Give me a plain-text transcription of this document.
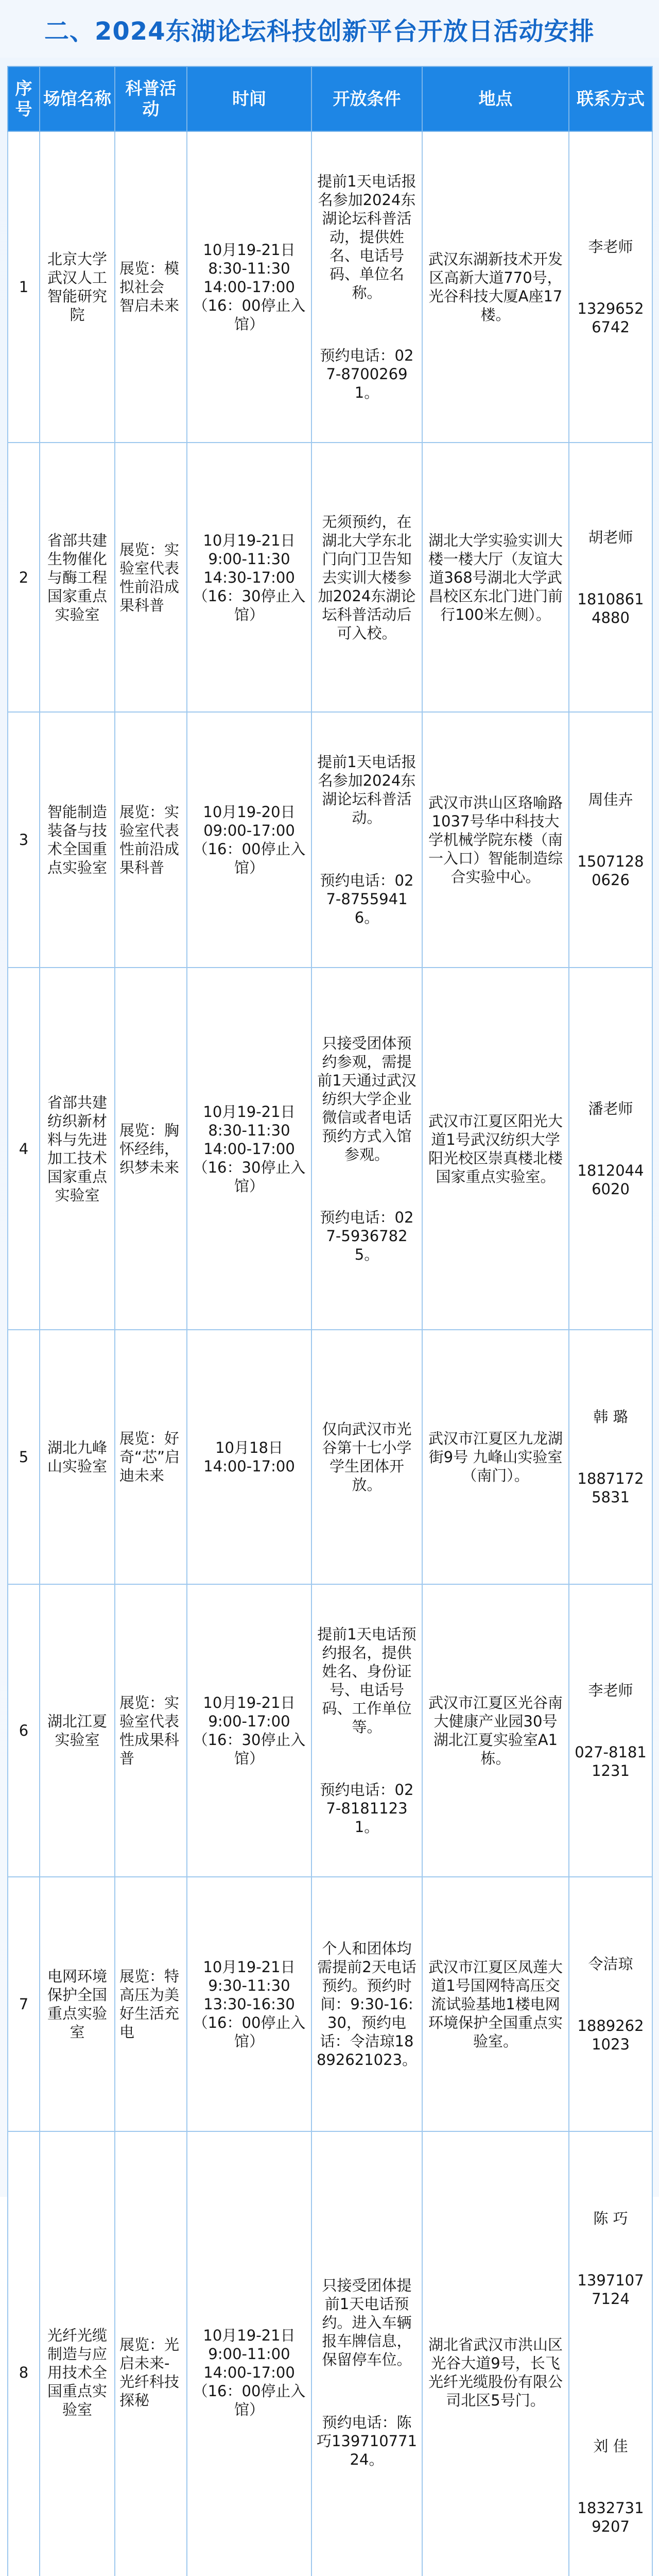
二、2024东湖论坛科技创新平台开放日活动安排
序号	场馆名称	科普活动	时间	开放条件	地点	联系方式
1	北京大学武汉人工智能研究院	展览：模拟社会 智启未来	10月19-21日
8:30-11:30
14:00-17:00
（16：00停止入馆）	提前1天电话报名参加2024东湖论坛科普活动，提供姓名、电话号码、单位名称。

预约电话：027-87002691。	武汉东湖新技术开发区高新大道770号，光谷科技大厦A座17楼。	李老师

13296526742

2	省部共建生物催化与酶工程国家重点实验室	展览：实验室代表性前沿成果科普	10月19-21日
9:00-11:30
14:30-17:00
（16：30停止入馆）	无须预约，在湖北大学东北门向门卫告知去实训大楼参加2024东湖论坛科普活动后可入校。	湖北大学实验实训大楼一楼大厅（友谊大道368号湖北大学武昌校区东北门进门前行100米左侧）。	胡老师

18108614880

3	智能制造装备与技术全国重点实验室	展览：实验室代表性前沿成果科普	10月19-20日
09:00-17:00
（16：00停止入馆）	提前1天电话报名参加2024东湖论坛科普活动。

预约电话：027-87559416。	武汉市洪山区珞喻路1037号华中科技大学机械学院东楼（南一入口）智能制造综合实验中心。	周佳卉

15071280626

4	省部共建纺织新材料与先进加工技术国家重点实验室	展览：胸怀经纬，织梦未来	10月19-21日
8:30-11:30
14:00-17:00
（16：30停止入馆）	只接受团体预约参观，需提前1天通过武汉纺织大学企业微信或者电话预约方式入馆参观。

预约电话：027-59367825。	武汉市江夏区阳光大道1号武汉纺织大学阳光校区崇真楼北楼国家重点实验室。	潘老师

18120446020

5	湖北九峰山实验室	展览：好奇“芯”启迪未来	10月18日
14:00-17:00	仅向武汉市光谷第十七小学学生团体开放。	武汉市江夏区九龙湖街9号 九峰山实验室（南门）。	韩 璐

18871725831

6	湖北江夏实验室	展览：实验室代表性成果科普	10月19-21日
9:00-17:00
（16：30停止入馆）	提前1天电话预约报名，提供姓名、身份证号、电话号码、工作单位等。

预约电话：027-81811231。	武汉市江夏区光谷南大健康产业园30号 湖北江夏实验室A1栋。	李老师

027-81811231

7	电网环境保护全国重点实验室	展览：特高压为美好生活充电	10月19-21日
9:30-11:30
13:30-16:30
（16：00停止入馆）	个人和团体均需提前2天电话预约。预约时间：9:30-16:30，预约电话：令洁琼18892621023。	武汉市江夏区凤莲大道1号国网特高压交流试验基地1楼电网环境保护全国重点实验室。	令洁琼

18892621023

8	光纤光缆制造与应用技术全国重点实验室	展览：光启未来-光纤科技探秘	10月19-21日
9:00-11:00
14:00-17:00
（16：00停止入馆）	只接受团体提前1天电话预约。进入车辆报车牌信息，保留停车位。

预约电话：陈巧13971077124。	湖北省武汉市洪山区光谷大道9号，长飞光纤光缆股份有限公司北区5号门。	陈 巧

13971077124

刘 佳

18327319207
